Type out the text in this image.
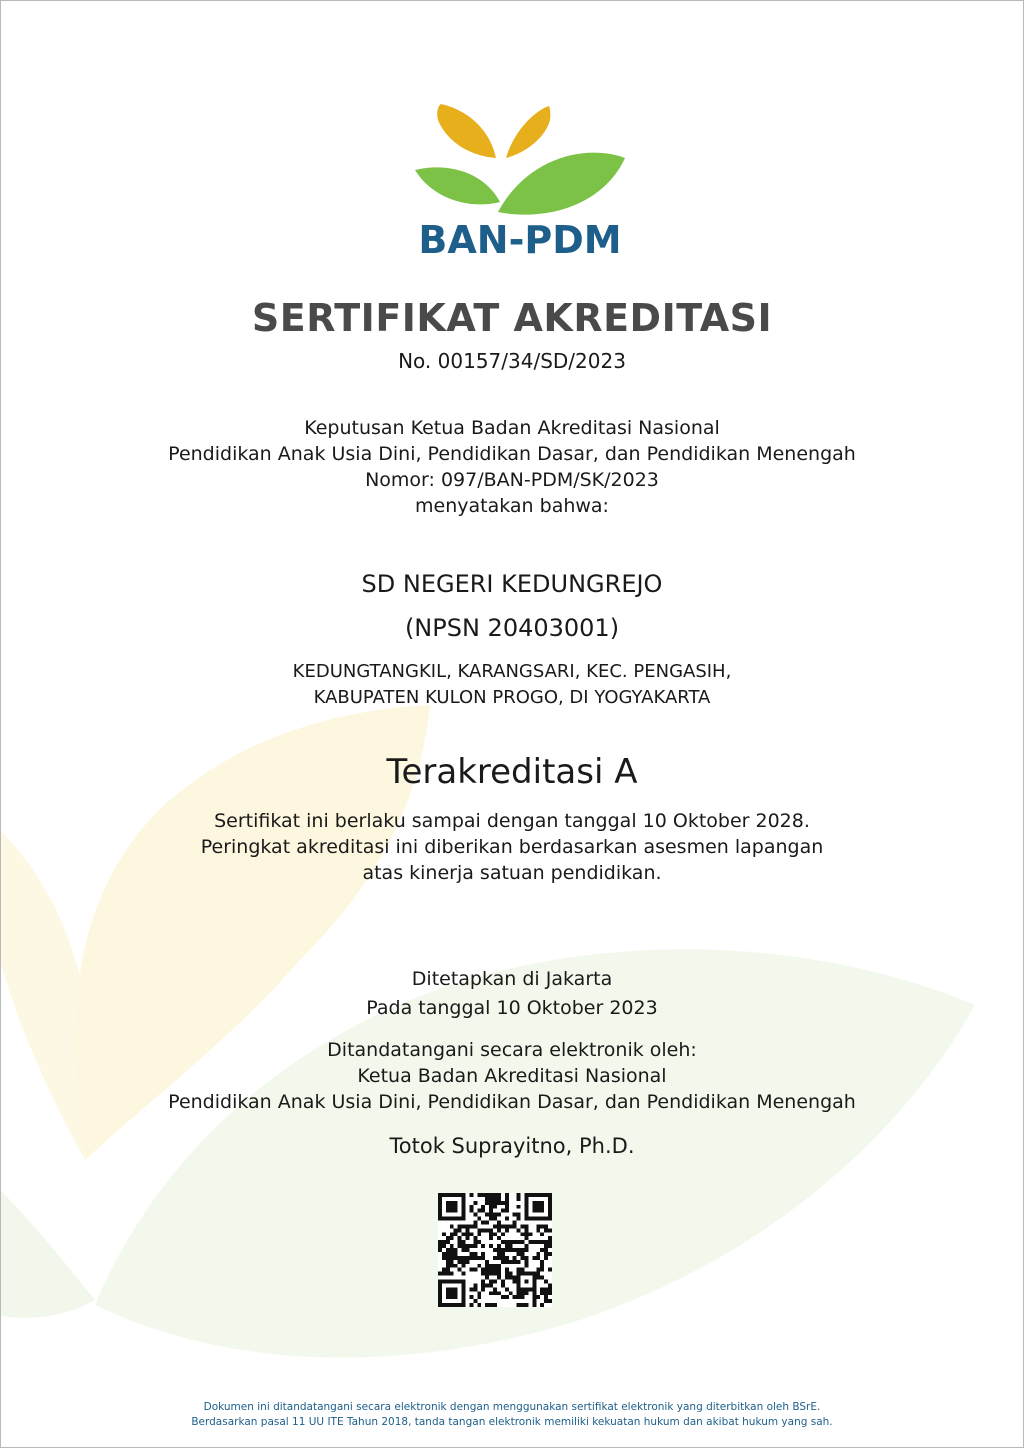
BAN-PDM
SERTIFIKAT AKREDITASI
No. 00157/34/SD/2023
Keputusan Ketua Badan Akreditasi Nasional
Pendidikan Anak Usia Dini, Pendidikan Dasar, dan Pendidikan Menengah
Nomor: 097/BAN-PDM/SK/2023
menyatakan bahwa:
SD NEGERI KEDUNGREJO
(NPSN 20403001)
KEDUNGTANGKIL, KARANGSARI, KEC. PENGASIH,
KABUPATEN KULON PROGO, DI YOGYAKARTA
Terakreditasi A
Sertifikat ini berlaku sampai dengan tanggal 10 Oktober 2028.
Peringkat akreditasi ini diberikan berdasarkan asesmen lapangan
atas kinerja satuan pendidikan.
Ditetapkan di Jakarta
Pada tanggal 10 Oktober 2023
Ditandatangani secara elektronik oleh:
Ketua Badan Akreditasi Nasional
Pendidikan Anak Usia Dini, Pendidikan Dasar, dan Pendidikan Menengah
Totok Suprayitno, Ph.D.
Dokumen ini ditandatangani secara elektronik dengan menggunakan sertifikat elektronik yang diterbitkan oleh BSrE.
Berdasarkan pasal 11 UU ITE Tahun 2018, tanda tangan elektronik memiliki kekuatan hukum dan akibat hukum yang sah.
